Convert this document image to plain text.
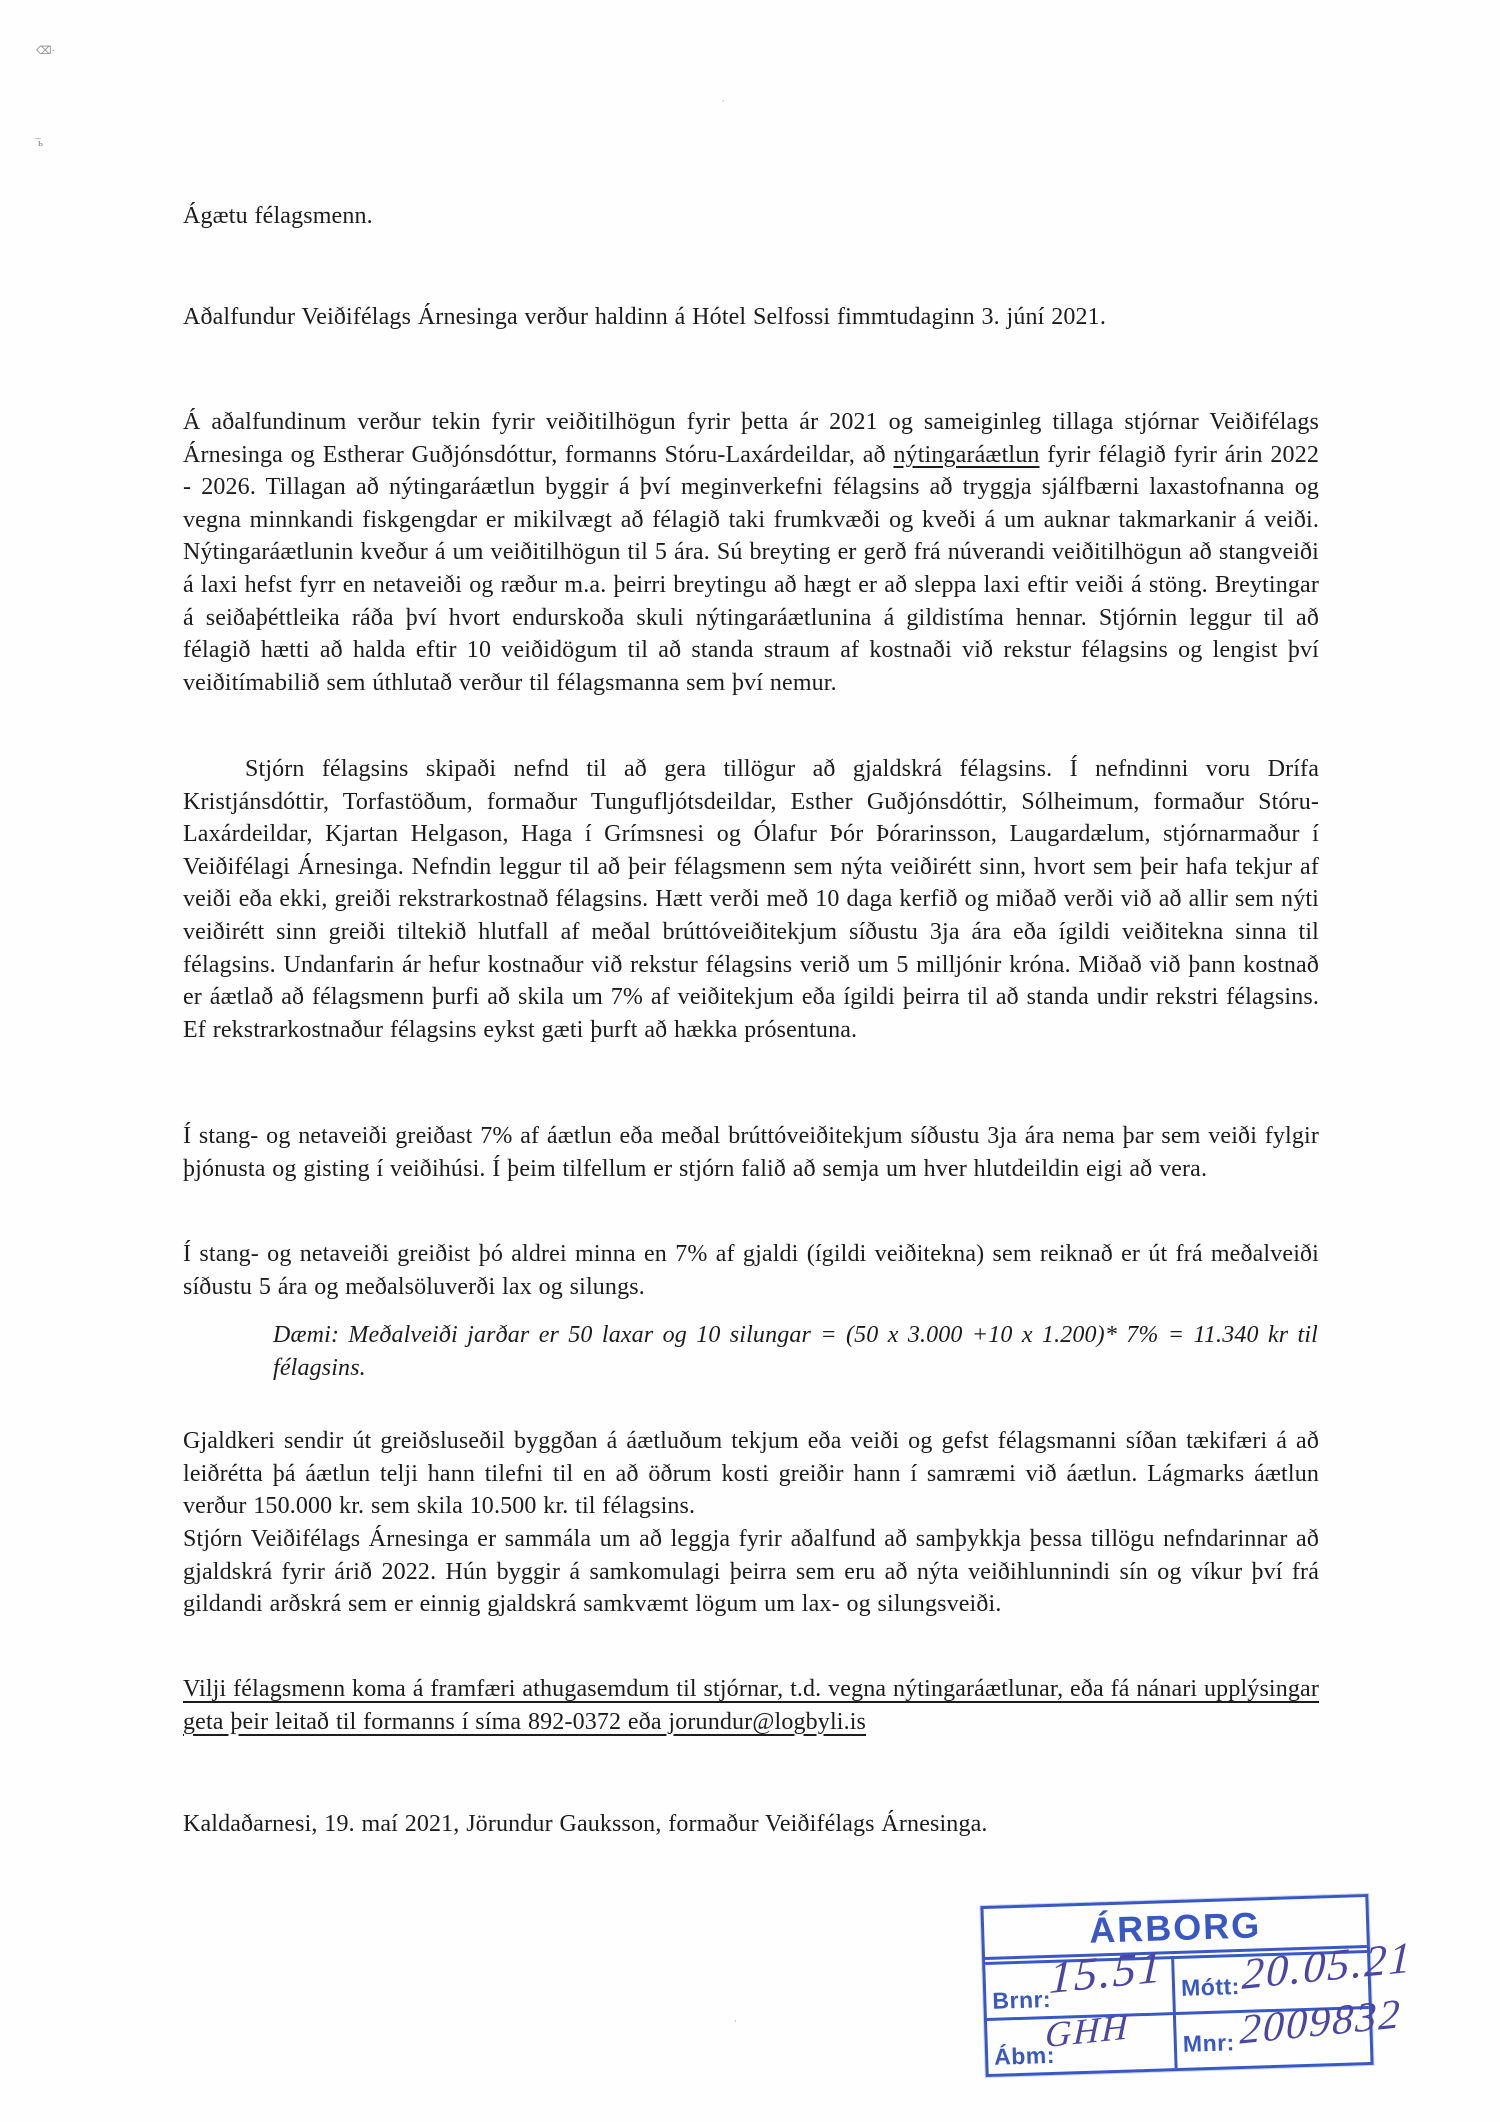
⌫·
̅ь
·
·

Ágætu félagsmenn.

Aðalfundur Veiðifélags Árnesinga verður haldinn á Hótel Selfossi fimmtudaginn 3. júní 2021.

Á aðalfundinum verður tekin fyrir veiðitilhögun fyrir þetta ár 2021 og sameiginleg tillaga stjórnar Veiðifélags Árnesinga og Estherar Guðjónsdóttur, formanns Stóru-Laxárdeildar, að nýtingaráætlun fyrir félagið fyrir árin 2022 - 2026. Tillagan að nýtingaráætlun byggir á því meginverkefni félagsins að tryggja sjálfbærni laxastofnanna og vegna minnkandi fiskgengdar er mikilvægt að félagið taki frumkvæði og kveði á um auknar takmarkanir á veiði. Nýtingaráætlunin kveður á um veiðitilhögun til 5 ára. Sú breyting er gerð frá núverandi veiðitilhögun að stangveiði á laxi hefst fyrr en netaveiði og ræður m.a. þeirri breytingu að hægt er að sleppa laxi eftir veiði á stöng. Breytingar á seiðaþéttleika ráða því hvort endurskoða skuli nýtingaráætlunina á gildistíma hennar. Stjórnin leggur til að félagið hætti að halda eftir 10 veiðidögum til að standa straum af kostnaði við rekstur félagsins og lengist því veiðitímabilið sem úthlutað verður til félagsmanna sem því nemur.

Stjórn félagsins skipaði nefnd til að gera tillögur að gjaldskrá félagsins. Í nefndinni voru Drífa Kristjánsdóttir, Torfastöðum, formaður Tungufljótsdeildar, Esther Guðjónsdóttir, Sólheimum, formaður Stóru-Laxárdeildar, Kjartan Helgason, Haga í Grímsnesi og Ólafur Þór Þórarinsson, Laugardælum, stjórnarmaður í Veiðifélagi Árnesinga. Nefndin leggur til að þeir félagsmenn sem nýta veiðirétt sinn, hvort sem þeir hafa tekjur af veiði eða ekki, greiði rekstrarkostnað félagsins. Hætt verði með 10 daga kerfið og miðað verði við að allir sem nýti veiðirétt sinn greiði tiltekið hlutfall af meðal brúttóveiðitekjum síðustu 3ja ára eða ígildi veiðitekna sinna til félagsins. Undanfarin ár hefur kostnaður við rekstur félagsins verið um 5 milljónir króna. Miðað við þann kostnað er áætlað að félagsmenn þurfi að skila um 7% af veiðitekjum eða ígildi þeirra til að standa undir rekstri félagsins. Ef rekstrarkostnaður félagsins eykst gæti þurft að hækka prósentuna.

Í stang- og netaveiði greiðast 7% af áætlun eða meðal brúttóveiðitekjum síðustu 3ja ára nema þar sem veiði fylgir þjónusta og gisting í veiðihúsi. Í þeim tilfellum er stjórn falið að semja um hver hlutdeildin eigi að vera.

Í stang- og netaveiði greiðist þó aldrei minna en 7% af gjaldi (ígildi veiðitekna) sem reiknað er út frá meðalveiði síðustu 5 ára og meðalsöluverði lax og silungs.

Dæmi: Meðalveiði jarðar er 50 laxar og 10 silungar = (50 x 3.000 +10 x 1.200)* 7% = 11.340 kr til félagsins.

Gjaldkeri sendir út greiðsluseðil byggðan á áætluðum tekjum eða veiði og gefst félagsmanni síðan tækifæri á að leiðrétta þá áætlun telji hann tilefni til en að öðrum kosti greiðir hann í samræmi við áætlun. Lágmarks áætlun verður 150.000 kr. sem skila 10.500 kr. til félagsins.

Stjórn Veiðifélags Árnesinga er sammála um að leggja fyrir aðalfund að samþykkja þessa tillögu nefndarinnar að gjaldskrá fyrir árið 2022. Hún byggir á samkomulagi þeirra sem eru að nýta veiðihlunnindi sín og víkur því frá gildandi arðskrá sem er einnig gjaldskrá samkvæmt lögum um lax- og silungsveiði.

Vilji félagsmenn koma á framfæri athugasemdum til stjórnar, t.d. vegna nýtingaráætlunar, eða fá nánari upplýsingar geta þeir leitað til formanns í síma 892-0372 eða jorundur@logbyli.is

Kaldaðarnesi, 19. maí 2021, Jörundur Gauksson, formaður Veiðifélags Árnesinga.

ÁRBORG
Brnr:
15.51 Mótt: 20.05.21
Ábm:
GHH Mnr: 2009832
